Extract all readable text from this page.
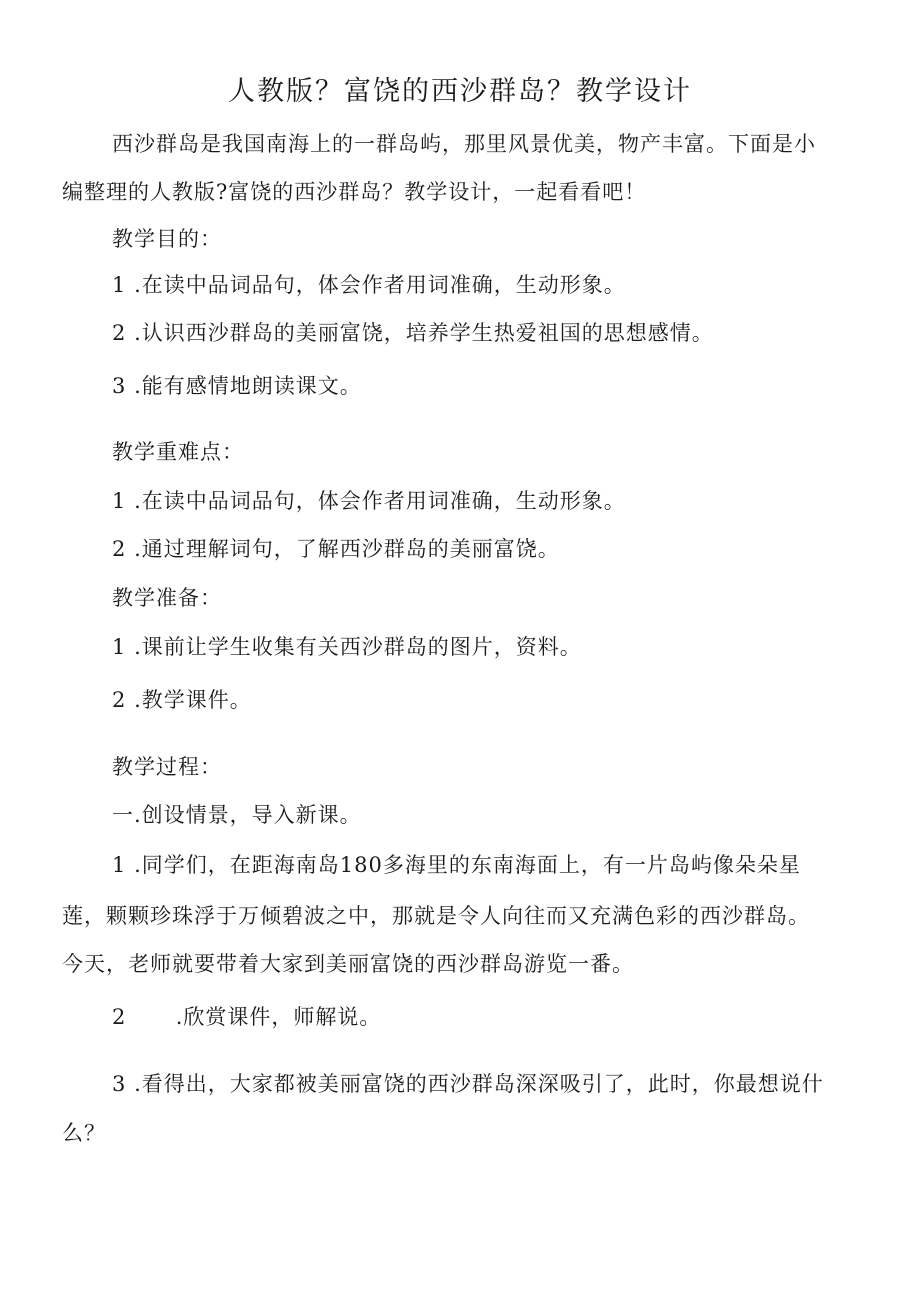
人教版？富饶的西沙群岛？教学设计
西沙群岛是我国南海上的一群岛屿，那里风景优美，物产丰富。下面是小
编整理的人教版?富饶的西沙群岛？教学设计，一起看看吧！
教学目的：
1 .在读中品词品句，体会作者用词准确，生动形象。
2 .认识西沙群岛的美丽富饶，培养学生热爱祖国的思想感情。
3 .能有感情地朗读课文。
教学重难点：
1 .在读中品词品句，体会作者用词准确，生动形象。
2 .通过理解词句，了解西沙群岛的美丽富饶。
教学准备：
1 .课前让学生收集有关西沙群岛的图片，资料。
2 .教学课件。
教学过程：
一.创设情景，导入新课。
1 .同学们，在距海南岛180多海里的东南海面上，有一片岛屿像朵朵星
莲，颗颗珍珠浮于万倾碧波之中，那就是令人向往而又充满色彩的西沙群岛。
今天，老师就要带着大家到美丽富饶的西沙群岛游览一番。
2 .欣赏课件，师解说。
3 .看得出，大家都被美丽富饶的西沙群岛深深吸引了，此时，你最想说什
么？
